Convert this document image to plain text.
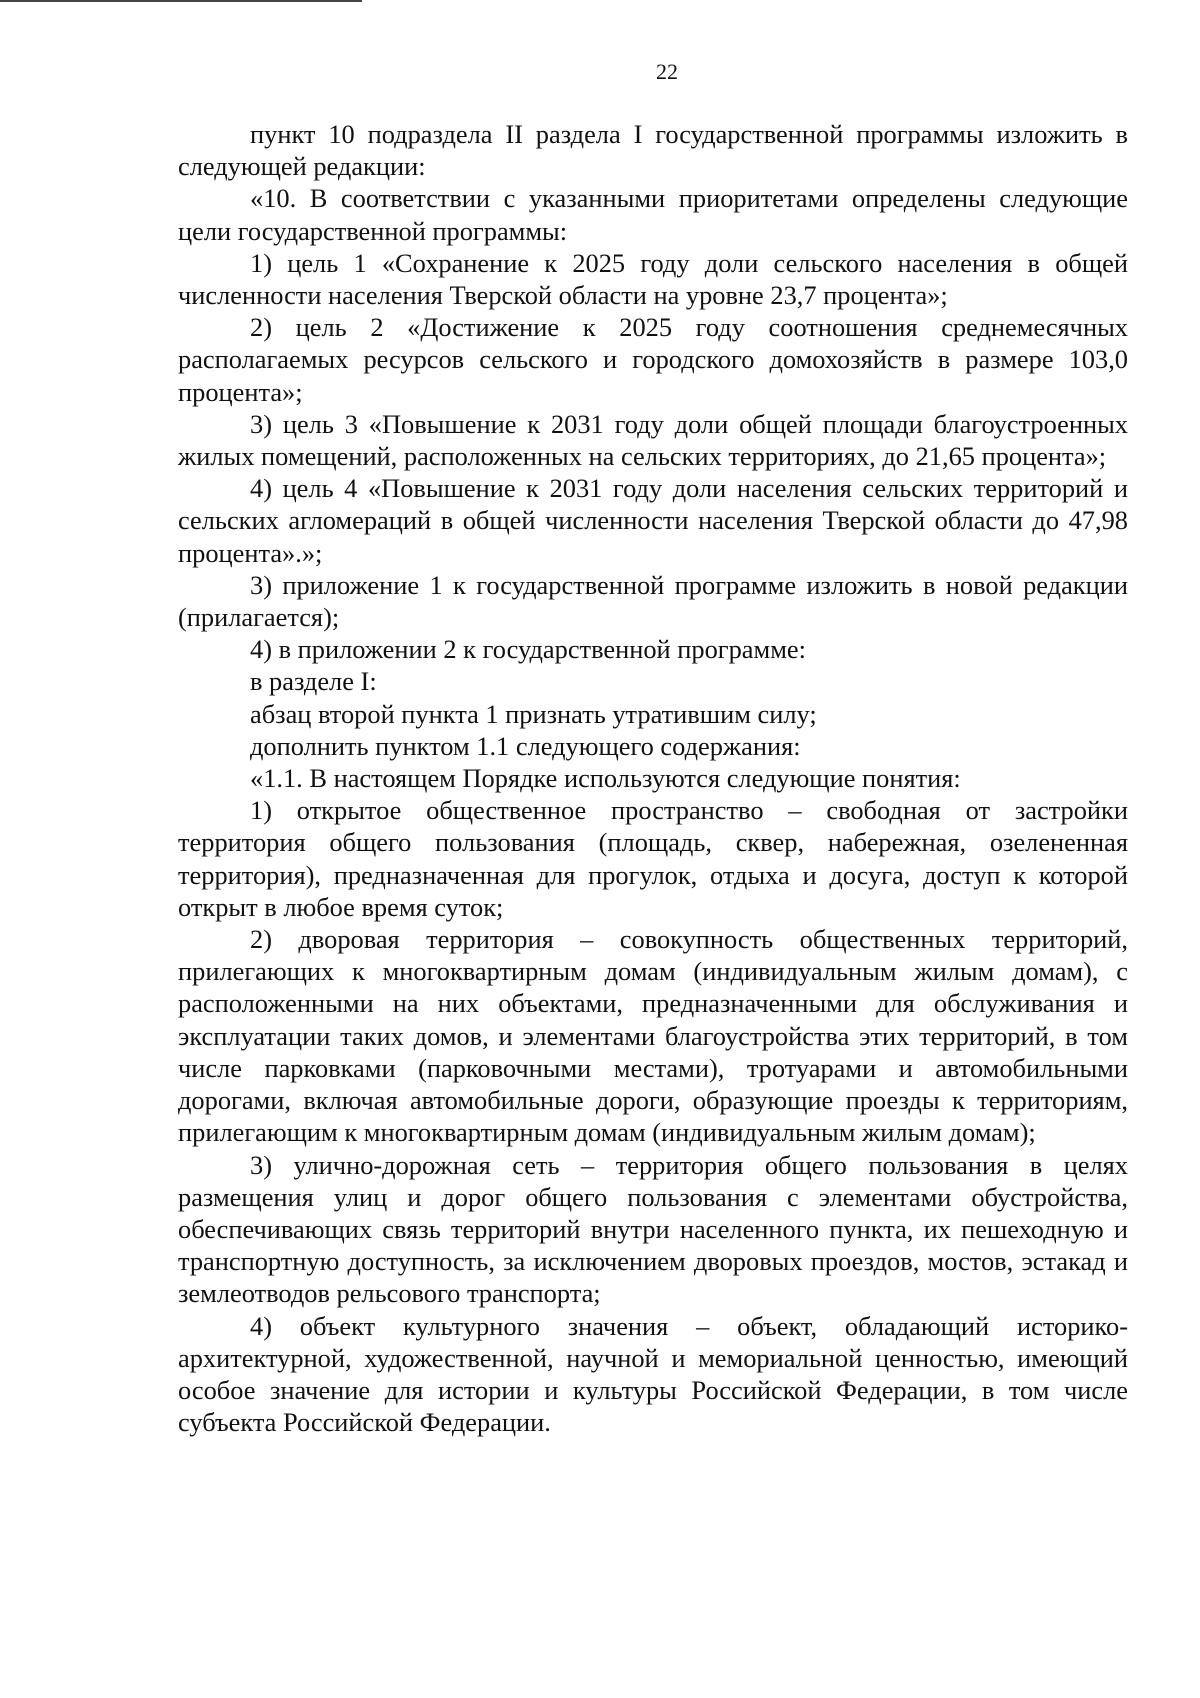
22

пункт 10 подраздела II раздела I государственной программы изложить в следующей редакции:

«10. В соответствии с указанными приоритетами определены следующие цели государственной программы:

1) цель 1 «Сохранение к 2025 году доли сельского населения в общей численности населения Тверской области на уровне 23,7 процента»;

2) цель 2 «Достижение к 2025 году соотношения среднемесячных располагаемых ресурсов сельского и городского домохозяйств в размере 103,0 процента»;

3) цель 3 «Повышение к 2031 году доли общей площади благоустроенных жилых помещений, расположенных на сельских территориях, до 21,65 процента»;

4) цель 4 «Повышение к 2031 году доли населения сельских территорий и сельских агломераций в общей численности населения Тверской области до 47,98 процента».»;

3) приложение 1 к государственной программе изложить в новой редакции (прилагается);

4) в приложении 2 к государственной программе:

в разделе I:

абзац второй пункта 1 признать утратившим силу;

дополнить пунктом 1.1 следующего содержания:

«1.1. В настоящем Порядке используются следующие понятия:

1) открытое общественное пространство – свободная от застройки территория общего пользования (площадь, сквер, набережная, озелененная территория), предназначенная для прогулок, отдыха и досуга, доступ к которой открыт в любое время суток;

2) дворовая территория – совокупность общественных территорий, прилегающих к многоквартирным домам (индивидуальным жилым домам), с расположенными на них объектами, предназначенными для обслуживания и эксплуатации таких домов, и элементами благоустройства этих территорий, в том числе парковками (парковочными местами), тротуарами и автомобильными дорогами, включая автомобильные дороги, образующие проезды к территориям, прилегающим к многоквартирным домам (индивидуальным жилым домам);

3) улично-дорожная сеть – территория общего пользования в целях размещения улиц и дорог общего пользования с элементами обустройства, обеспечивающих связь территорий внутри населенного пункта, их пешеходную и транспортную доступность, за исключением дворовых проездов, мостов, эстакад и землеотводов рельсового транспорта;

4) объект культурного значения – объект, обладающий историко-архитектурной, художественной, научной и мемориальной ценностью, имеющий особое значение для истории и культуры Российской Федерации, в том числе субъекта Российской Федерации.
